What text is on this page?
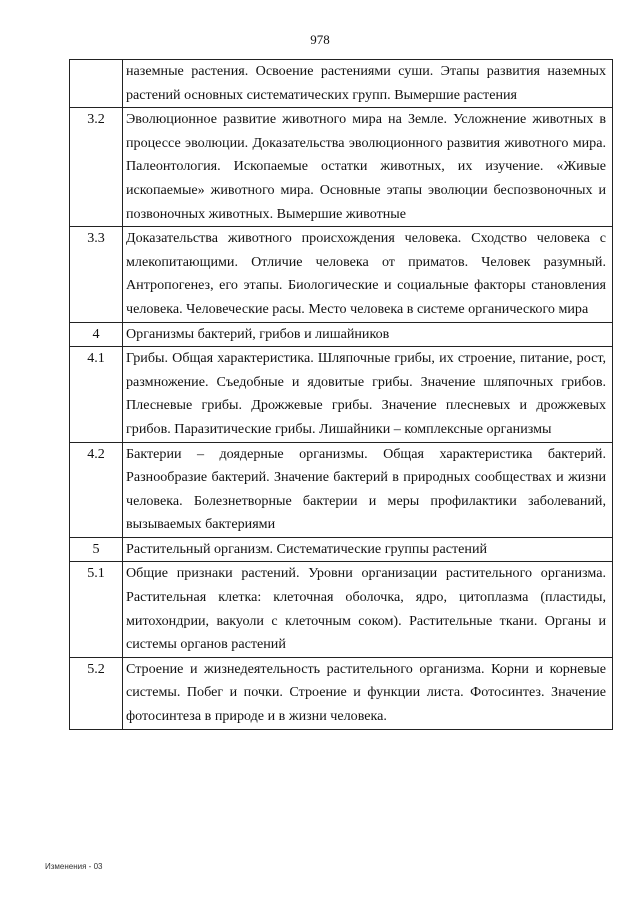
978
	наземные растения. Освоение растениями суши. Этапы развития наземных растений основных систематических групп. Вымершие растения
3.2	Эволюционное развитие животного мира на Земле. Усложнение животных в процессе эволюции. Доказательства эволюционного развития животного мира. Палеонтология. Ископаемые остатки животных, их изучение. «Живые ископаемые» животного мира. Основные этапы эволюции беспозвоночных и позвоночных животных. Вымершие животные
3.3	Доказательства животного происхождения человека. Сходство человека с млекопитающими. Отличие человека от приматов. Человек разумный. Антропогенез, его этапы. Биологические и социальные факторы становления человека. Человеческие расы. Место человека в системе органического мира
4	Организмы бактерий, грибов и лишайников
4.1	Грибы. Общая характеристика. Шляпочные грибы, их строение, питание, рост, размножение. Съедобные и ядовитые грибы. Значение шляпочных грибов. Плесневые грибы. Дрожжевые грибы. Значение плесневых и дрожжевых грибов. Паразитические грибы. Лишайники – комплексные организмы
4.2	Бактерии – доядерные организмы. Общая характеристика бактерий. Разнообразие бактерий. Значение бактерий в природных сообществах и жизни человека. Болезнетворные бактерии и меры профилактики заболеваний, вызываемых бактериями
5	Растительный организм. Систематические группы растений
5.1	Общие признаки растений. Уровни организации растительного организма. Растительная клетка: клеточная оболочка, ядро, цитоплазма (пластиды, митохондрии, вакуоли с клеточным соком). Растительные ткани. Органы и системы органов растений
5.2	Строение и жизнедеятельность растительного организма. Корни и корневые системы. Побег и почки. Строение и функции листа. Фотосинтез. Значение фотосинтеза в природе и в жизни человека.
Изменения - 03
